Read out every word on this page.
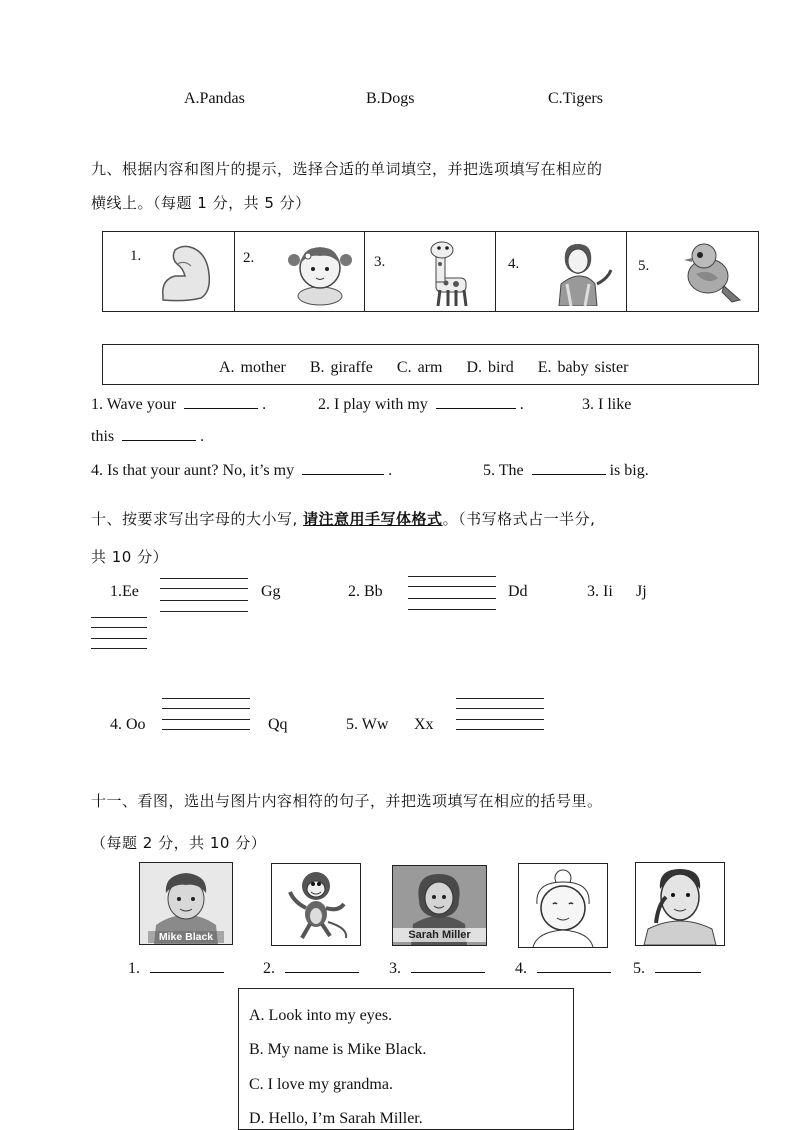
A.Pandas	B.Dogs	C.Tigers
九、根据内容和图片的提示，选择合适的单词填空，并把选项填写在相应的
横线上。（每题 1 分，共 5 分）
1.	2.	3.	4.	5.
A. mother    B. giraffe    C. arm    D. bird    E. baby sister
1. Wave your	.	2. I play with my	.	3. I like
this	.
4. Is that your aunt? No, it’s my	.	5. The	is big.
十、按要求写出字母的大小写, 请注意用手写体格式。（书写格式占一半分,
共 10 分）
1.Ee	Gg	2. Bb	Dd	3. Ii Jj
4. Oo	Qq	5. Ww Xx
十一、看图，选出与图片内容相符的句子，并把选项填写在相应的括号里。
（每题 2 分，共 10 分）
Mike Black	Sarah Miller
1.	2.	3.	4.	5.
A. Look into my eyes.
B. My name is Mike Black.
C. I love my grandma.
D. Hello, I’m Sarah Miller.
